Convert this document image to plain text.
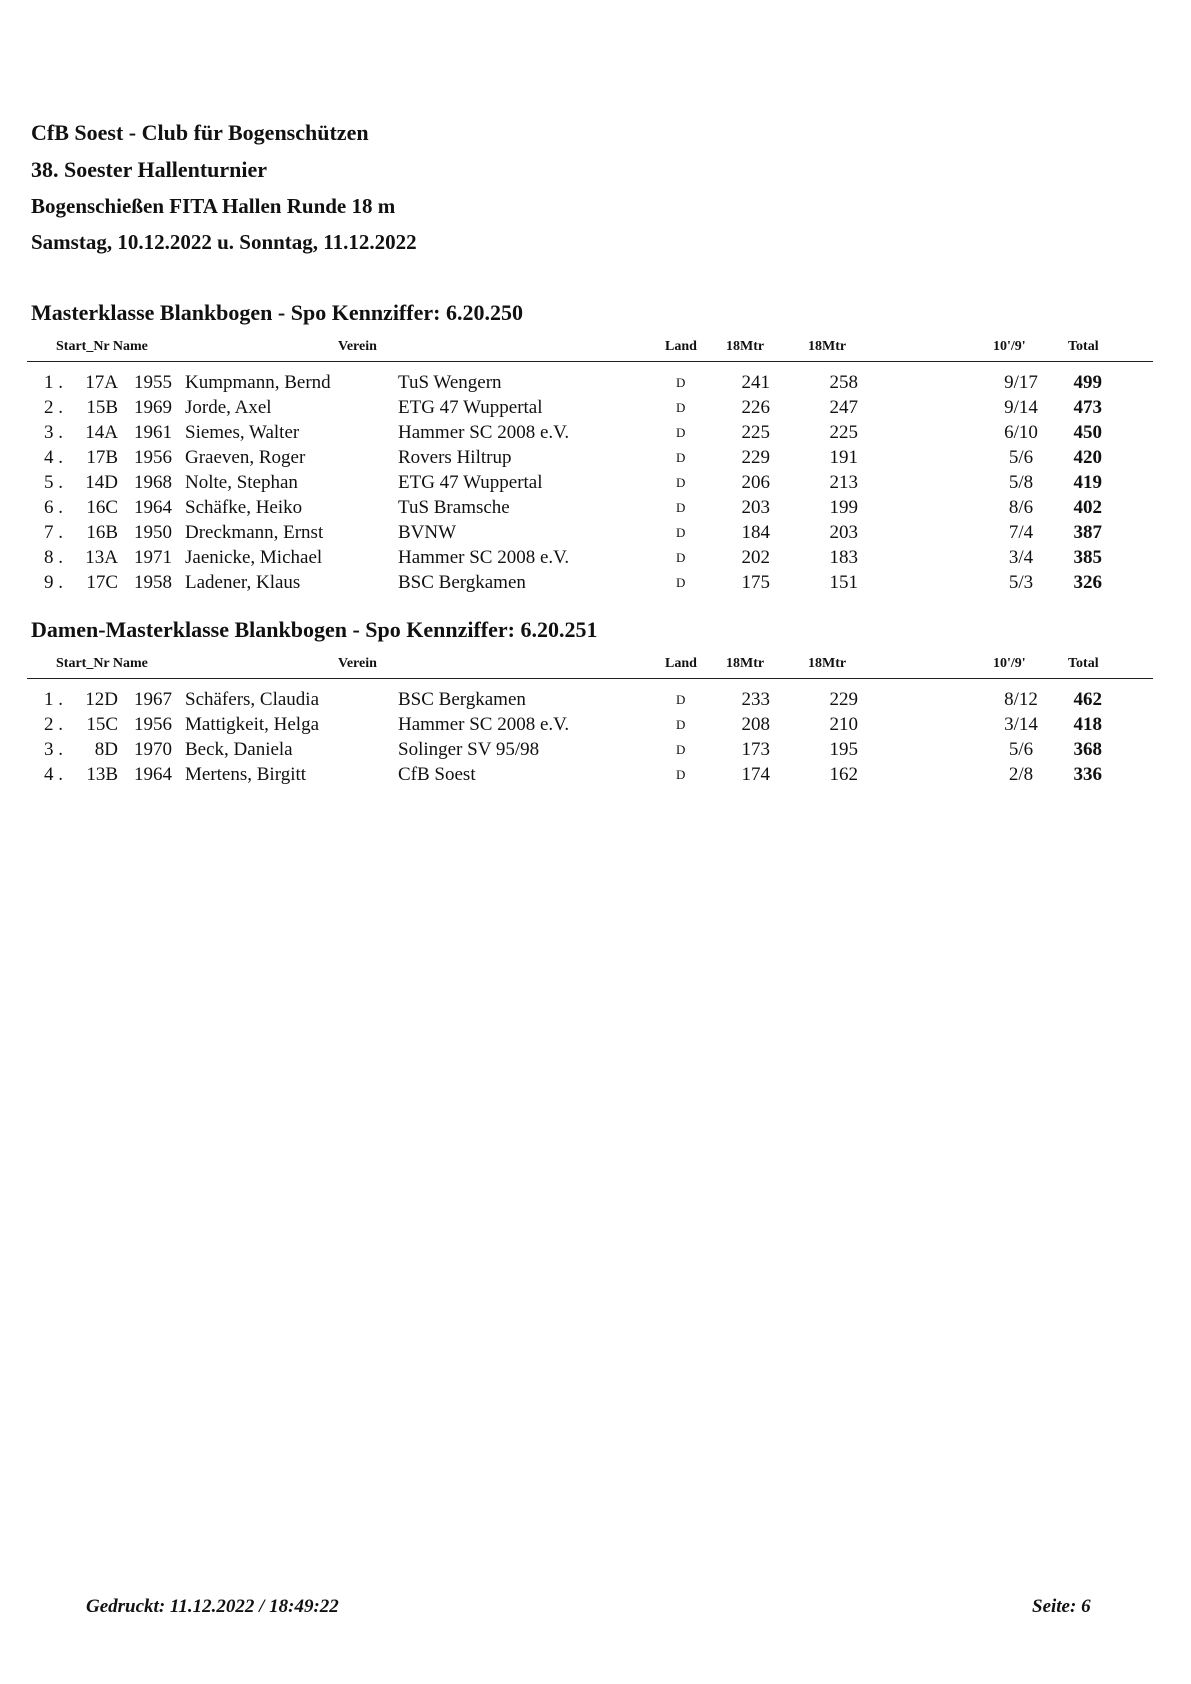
CfB Soest - Club für Bogenschützen
38. Soester Hallenturnier
Bogenschießen FITA Hallen Runde 18 m
Samstag, 10.12.2022 u. Sonntag, 11.12.2022
Masterklasse Blankbogen - Spo Kennziffer: 6.20.250
Start_Nr Name	Verein	Land 18Mtr	18Mtr	10'/9'	Total
1 .	17A 1955 Kumpmann, Bernd	TuS Wengern	D	241	258	9/17	499
2 .	15B 1969 Jorde, Axel	ETG 47 Wuppertal	D	226	247	9/14	473
3 .	14A 1961 Siemes, Walter	Hammer SC 2008 e.V.	D	225	225	6/10	450
4 .	17B 1956 Graeven, Roger	Rovers Hiltrup	D	229	191	5/6	420
5 .	14D 1968 Nolte, Stephan	ETG 47 Wuppertal	D	206	213	5/8	419
6 .	16C 1964 Schäfke, Heiko	TuS Bramsche	D	203	199	8/6	402
7 .	16B 1950 Dreckmann, Ernst	BVNW	D	184	203	7/4	387
8 .	13A 1971 Jaenicke, Michael	Hammer SC 2008 e.V.	D	202	183	3/4	385
9 .	17C 1958 Ladener, Klaus	BSC Bergkamen	D	175	151	5/3	326
Damen-Masterklasse Blankbogen - Spo Kennziffer: 6.20.251
Start_Nr Name	Verein	Land 18Mtr	18Mtr	10'/9'	Total
1 .	12D 1967 Schäfers, Claudia	BSC Bergkamen	D	233	229	8/12	462
2 .	15C 1956 Mattigkeit, Helga	Hammer SC 2008 e.V.	D	208	210	3/14	418
3 .	8D 1970 Beck, Daniela	Solinger SV 95/98	D	173	195	5/6	368
4 .	13B 1964 Mertens, Birgitt	CfB Soest	D	174	162	2/8	336
Gedruckt: 11.12.2022 / 18:49:22	Seite: 6
